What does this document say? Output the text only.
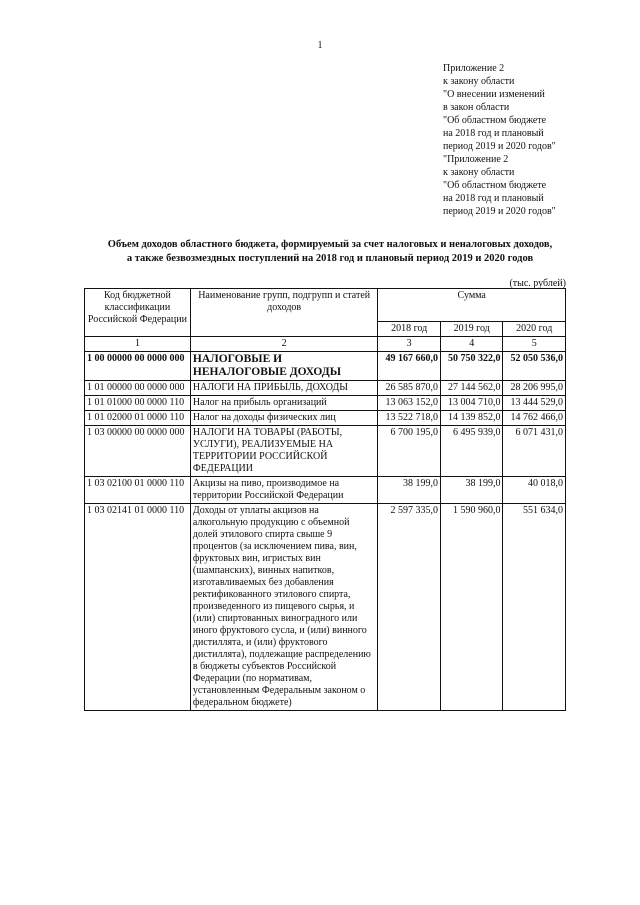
1
Приложение 2
к закону области
"О внесении изменений
в закон области
"Об областном бюджете
на 2018 год и плановый
период 2019 и 2020 годов"
"Приложение 2
к закону области
"Об областном бюджете
на 2018 год и плановый
период 2019 и 2020 годов"
Объем доходов областного бюджета, формируемый за счет налоговых и неналоговых доходов,
а также безвозмездных поступлений на 2018 год и плановый период 2019 и 2020 годов
(тыс. рублей)
Код бюджетной классификации Российской Федерации	Наименование групп, подгрупп и статей доходов	Сумма		
		2018 год	2019 год	2020 год
1	2	3	4	5
1 00 00000 00 0000 000	НАЛОГОВЫЕ И НЕНАЛОГОВЫЕ ДОХОДЫ	49 167 660,0	50 750 322,0	52 050 536,0
1 01 00000 00 0000 000	НАЛОГИ НА ПРИБЫЛЬ, ДОХОДЫ	26 585 870,0	27 144 562,0	28 206 995,0
1 01 01000 00 0000 110	Налог на прибыль организаций	13 063 152,0	13 004 710,0	13 444 529,0
1 01 02000 01 0000 110	Налог на доходы физических лиц	13 522 718,0	14 139 852,0	14 762 466,0
1 03 00000 00 0000 000	НАЛОГИ НА ТОВАРЫ (РАБОТЫ, УСЛУГИ), РЕАЛИЗУЕМЫЕ НА ТЕРРИТОРИИ РОССИЙСКОЙ ФЕДЕРАЦИИ	6 700 195,0	6 495 939,0	6 071 431,0
1 03 02100 01 0000 110	Акцизы на пиво, производимое на территории Российской Федерации	38 199,0	38 199,0	40 018,0
1 03 02141 01 0000 110	Доходы от уплаты акцизов на алкогольную продукцию с объемной долей этилового спирта свыше 9 процентов (за исключением пива, вин, фруктовых вин, игристых вин (шампанских), винных напитков, изготавливаемых без добавления ректификованного этилового спирта, произведенного из пищевого сырья, и (или) спиртованных виноградного или иного фруктового сусла, и (или) винного дистиллята, и (или) фруктового дистиллята), подлежащие распределению в бюджеты субъектов Российской Федерации (по нормативам, установленным Федеральным законом о федеральном бюджете)	2 597 335,0	1 590 960,0	551 634,0
